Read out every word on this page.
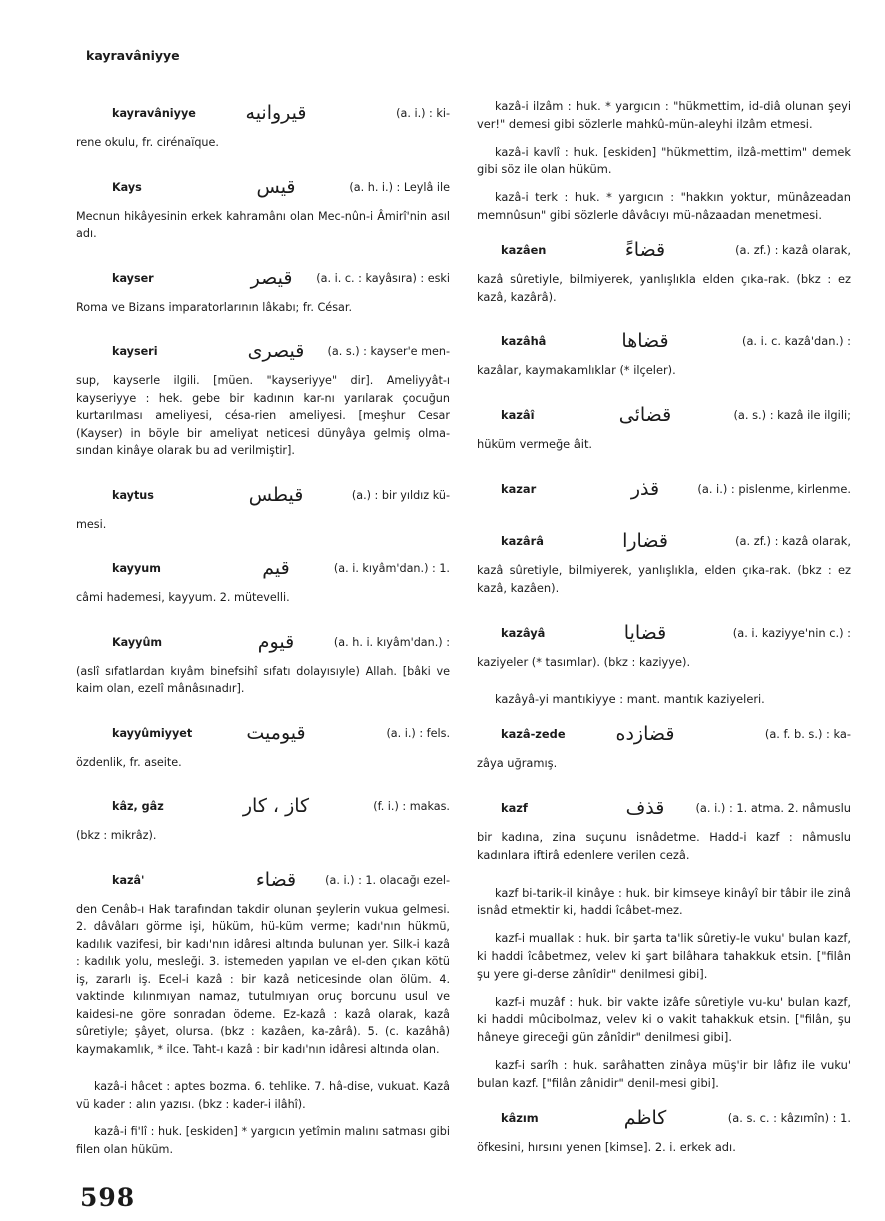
kayravâniyye
kayravâniyye	قيروانيه	(a. i.) : ki-
rene okulu, fr. cirénaïque.
Kays	قيس	(a. h. i.) : Leylâ ile
Mecnun hikâyesinin erkek kahramânı olan Mec-nûn-i Âmirî'nin asıl adı.
kayser	قيصر	(a. i. c. : kayâsıra) : eski
Roma ve Bizans imparatorlarının lâkabı; fr. César.
kayseri	قيصرى	(a. s.) : kayser'e men-
sup, kayserle ilgili. [müen. "kayseriyye" dir]. Ameliyyât-ı kayseriyye : hek. gebe bir kadının kar-nı yarılarak çocuğun kurtarılması ameliyesi, césa-rien ameliyesi. [meşhur Cesar (Kayser) in böyle bir ameliyat neticesi dünyâya gelmiş olma-sından kinâye olarak bu ad verilmiştir].
kaytus	قيطس	(a.) : bir yıldız kü-
mesi.
kayyum	قيم	(a. i. kıyâm'dan.) : 1.
câmi hademesi, kayyum. 2. mütevelli.
Kayyûm	قيوم	(a. h. i. kıyâm'dan.) :
(aslî sıfatlardan kıyâm binefsihî sıfatı dolayısıyle) Allah. [bâki ve kaim olan, ezelî mânâsınadır].
kayyûmiyyet	قيوميت	(a. i.) : fels.
özdenlik, fr. aseite.
kâz, gâz	كاز ، كار	(f. i.) : makas.
(bkz : mikrâz).
kazâ'	قضاء	(a. i.) : 1. olacağı ezel-
den Cenâb-ı Hak tarafından takdir olunan şeylerin vukua gelmesi. 2. dâvâları görme işi, hüküm, hü-küm verme; kadı'nın hükmü, kadılık vazifesi, bir kadı'nın idâresi altında bulunan yer. Silk-i kazâ : kadılık yolu, mesleği. 3. istemeden yapılan ve el-den çıkan kötü iş, zararlı iş. Ecel-i kazâ : bir kazâ neticesinde olan ölüm. 4. vaktinde kılınmıyan namaz, tutulmıyan oruç borcunu usul ve kaidesi-ne göre sonradan ödeme. Ez-kazâ : kazâ olarak, kazâ sûretiyle; şâyet, olursa. (bkz : kazâen, ka-zârâ). 5. (c. kazâhâ) kaymakamlık, * ilce. Taht-ı kazâ : bir kadı'nın idâresi altında olan.
kazâ-i hâcet : aptes bozma. 6. tehlike. 7. hâ-dise, vukuat. Kazâ vü kader : alın yazısı. (bkz : kader-i ilâhî).
kazâ-i fi'lî : huk. [eskiden] * yargıcın yetîmin malını satması gibi filen olan hüküm.
kazâ-i ilzâm : huk. * yargıcın : "hükmettim, id-diâ olunan şeyi ver!" demesi gibi sözlerle mahkû-mün-aleyhi ilzâm etmesi.
kazâ-i kavlî : huk. [eskiden] "hükmettim, ilzâ-mettim" demek gibi söz ile olan hüküm.
kazâ-i terk : huk. * yargıcın : "hakkın yoktur, münâzeadan memnûsun" gibi sözlerle dâvâcıyı mü-nâzaadan menetmesi.
kazâen	قضاءً	(a. zf.) : kazâ olarak,
kazâ sûretiyle, bilmiyerek, yanlışlıkla elden çıka-rak. (bkz : ez kazâ, kazârâ).
kazâhâ	قضاها	(a. i. c. kazâ'dan.) :
kazâlar, kaymakamlıklar (* ilçeler).
kazâî	قضائى	(a. s.) : kazâ ile ilgili;
hüküm vermeğe âit.
kazar	قذر	(a. i.) : pislenme, kirlenme.
kazârâ	قضارا	(a. zf.) : kazâ olarak,
kazâ sûretiyle, bilmiyerek, yanlışlıkla, elden çıka-rak. (bkz : ez kazâ, kazâen).
kazâyâ	قضايا	(a. i. kaziyye'nin c.) :
kaziyeler (* tasımlar). (bkz : kaziyye).
kazâyâ-yi mantıkiyye : mant. mantık kaziyeleri.
kazâ-zede	قضازده	(a. f. b. s.) : ka-
zâya uğramış.
kazf	قذف	(a. i.) : 1. atma. 2. nâmuslu
bir kadına, zina suçunu isnâdetme. Hadd-i kazf : nâmuslu kadınlara iftirâ edenlere verilen cezâ.
kazf bi-tarik-il kinâye : huk. bir kimseye kinâyî bir tâbir ile zinâ isnâd etmektir ki, haddi îcâbet-mez.
kazf-i muallak : huk. bir şarta ta'lik sûretiy-le vuku' bulan kazf, ki haddi îcâbetmez, velev ki şart bilâhara tahakkuk etsin. ["filân şu yere gi-derse zânîdir" denilmesi gibi].
kazf-i muzâf : huk. bir vakte izâfe sûretiyle vu-ku' bulan kazf, ki haddi mûcibolmaz, velev ki o vakit tahakkuk etsin. ["filân, şu hâneye gireceği gün zânîdir" denilmesi gibi].
kazf-i sarîh : huk. sarâhatten zinâya müş'ir bir lâfız ile vuku' bulan kazf. ["filân zânidir" denil-mesi gibi].
kâzım	كاظم	(a. s. c. : kâzımîn) : 1.
öfkesini, hırsını yenen [kimse]. 2. i. erkek adı.
598
